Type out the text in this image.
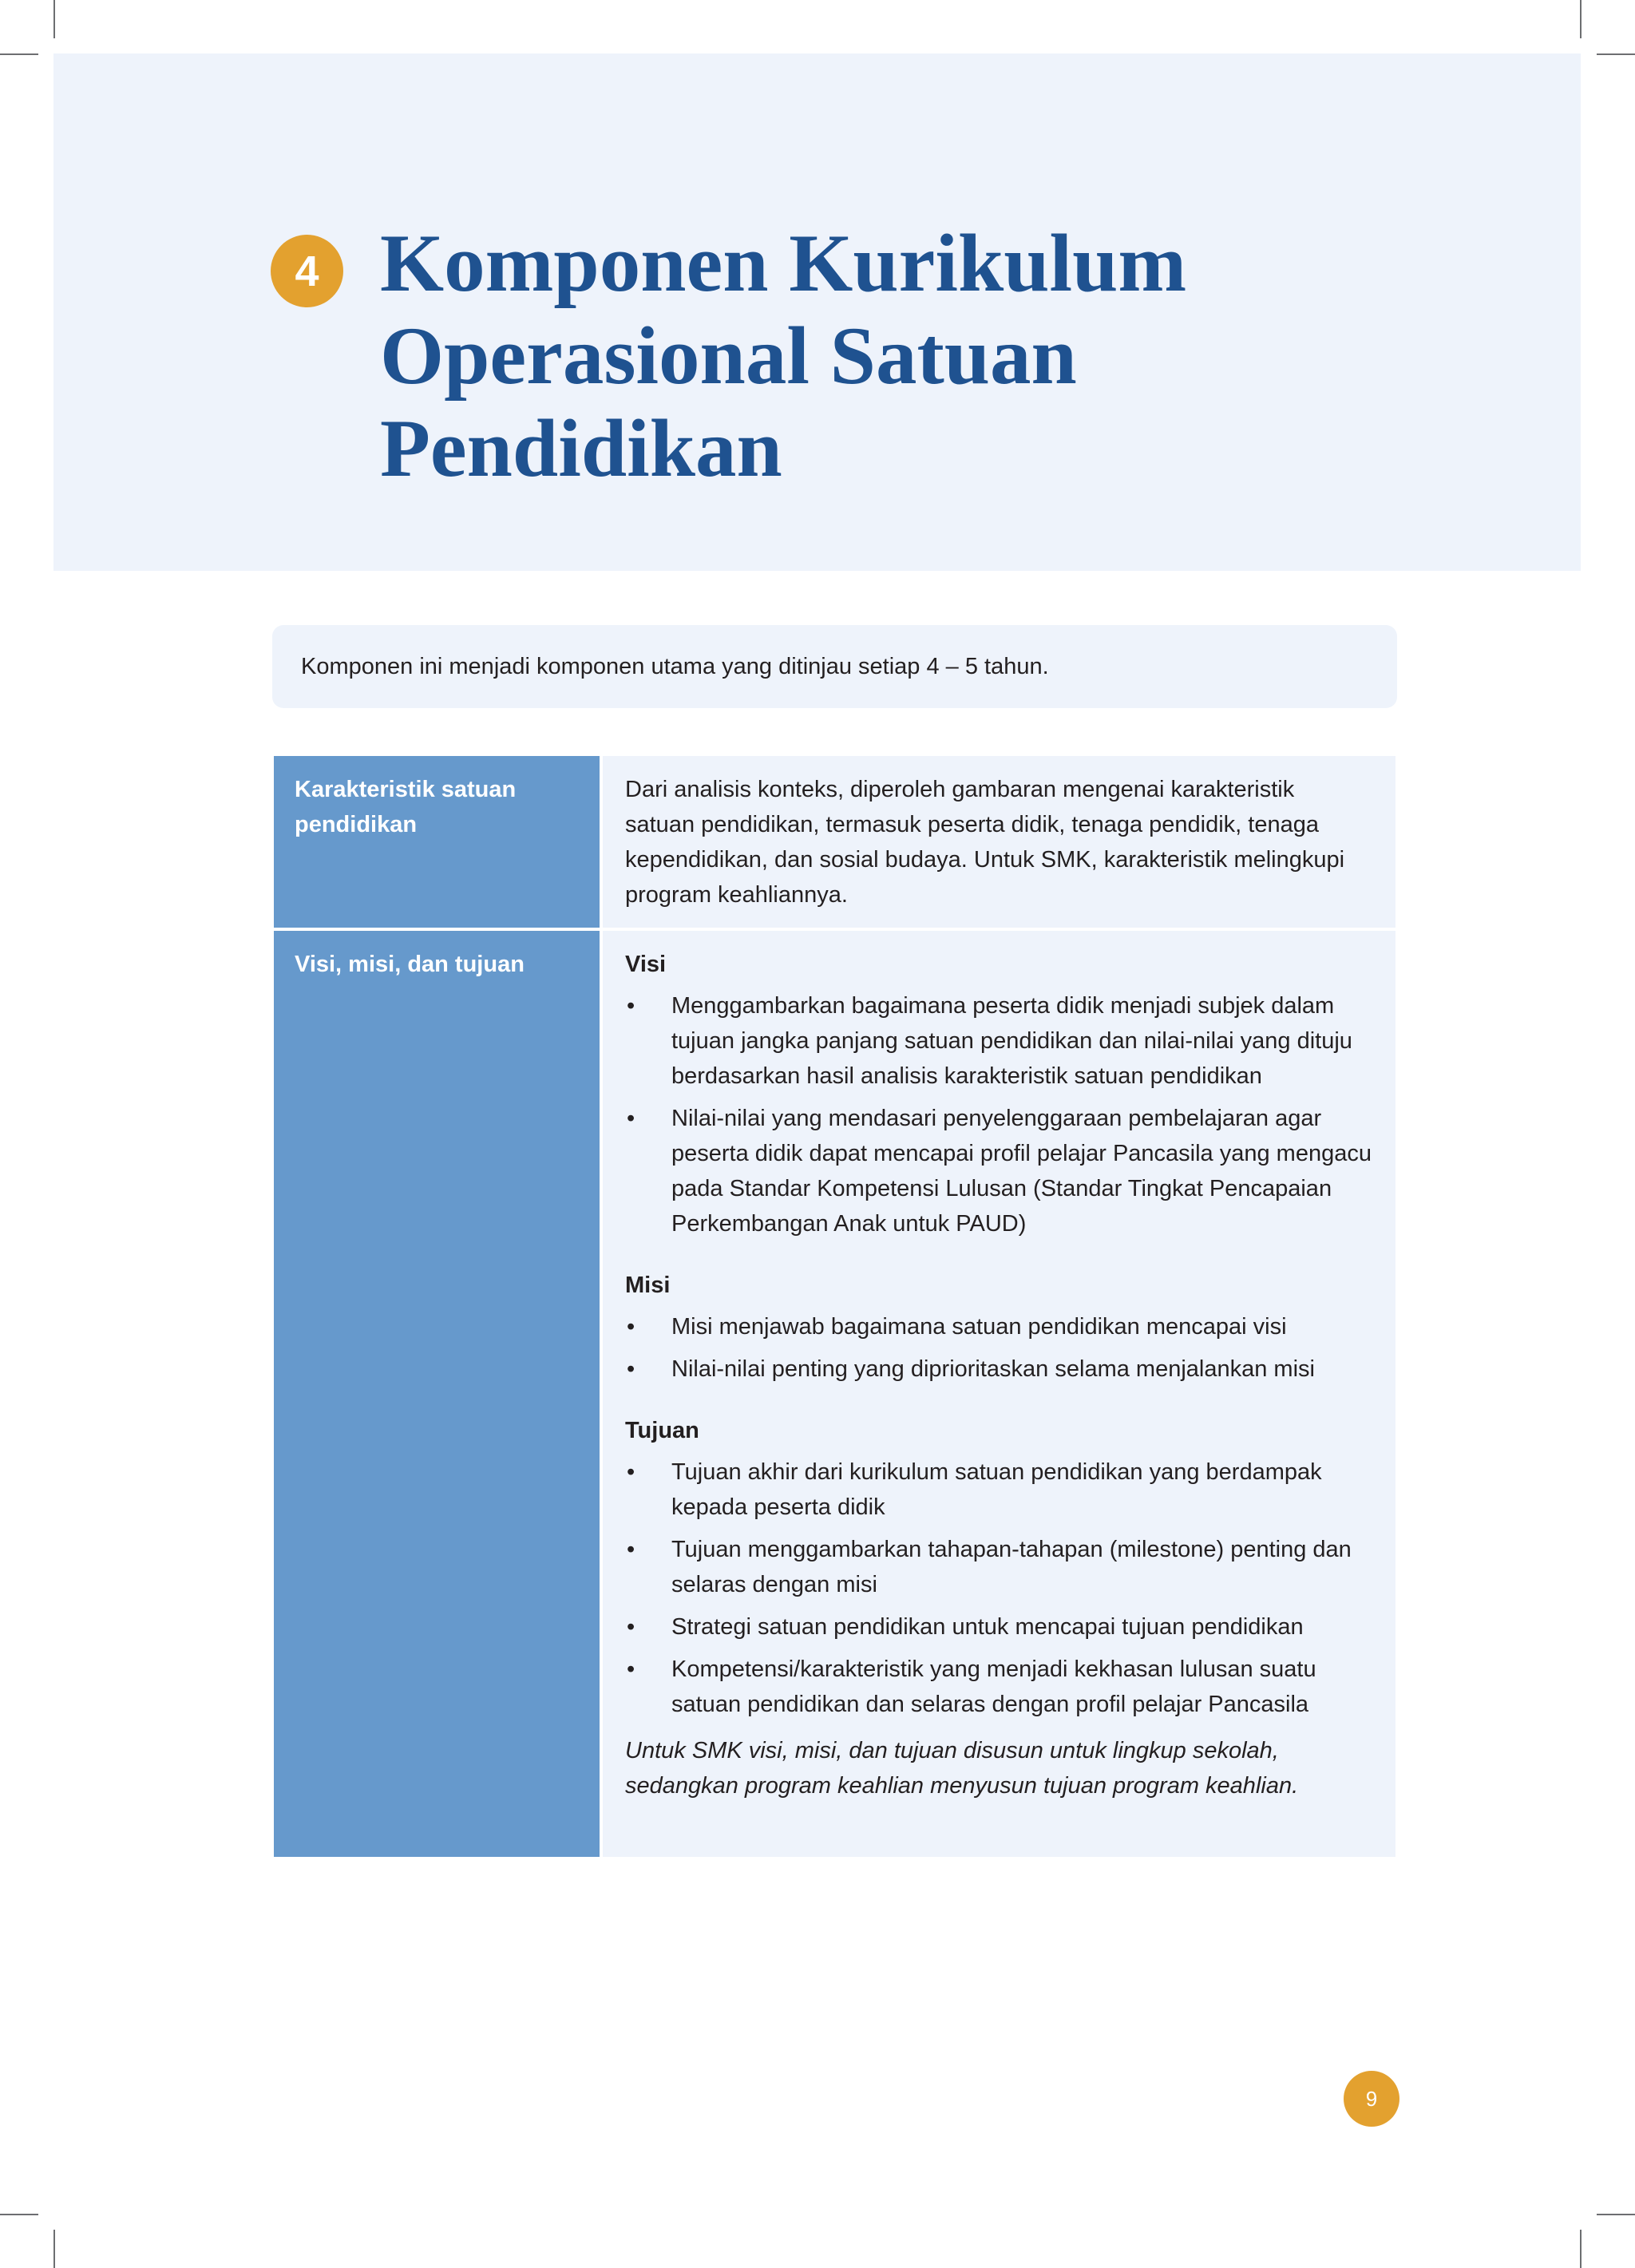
4 Komponen Kurikulum
Operasional Satuan
Pendidikan
Komponen ini menjadi komponen utama yang ditinjau setiap 4 – 5 tahun.
Karakteristik satuan pendidikan
Dari analisis konteks, diperoleh gambaran mengenai karakteristik satuan pendidikan, termasuk peserta didik, tenaga pendidik, tenaga kependidikan, dan sosial budaya. Untuk SMK, karakteristik melingkupi program keahliannya.
Visi, misi, dan tujuan	Visi

• Menggambarkan bagaimana peserta didik menjadi subjek dalam tujuan jangka panjang satuan pendidikan dan nilai-nilai yang dituju berdasarkan hasil analisis karakteristik satuan pendidikan
• Nilai-nilai yang mendasari penyelenggaraan pembelajaran agar peserta didik dapat mencapai profil pelajar Pancasila yang mengacu pada Standar Kompetensi Lulusan (Standar Tingkat Pencapaian Perkembangan Anak untuk PAUD)

Misi

• Misi menjawab bagaimana satuan pendidikan mencapai visi
• Nilai-nilai penting yang diprioritaskan selama menjalankan misi

Tujuan

• Tujuan akhir dari kurikulum satuan pendidikan yang berdampak kepada peserta didik
• Tujuan menggambarkan tahapan-tahapan (milestone) penting dan selaras dengan misi
• Strategi satuan pendidikan untuk mencapai tujuan pendidikan
• Kompetensi/karakteristik yang menjadi kekhasan lulusan suatu satuan pendidikan dan selaras dengan profil pelajar Pancasila

Untuk SMK visi, misi, dan tujuan disusun untuk lingkup sekolah, sedangkan program keahlian menyusun tujuan program keahlian.

9
